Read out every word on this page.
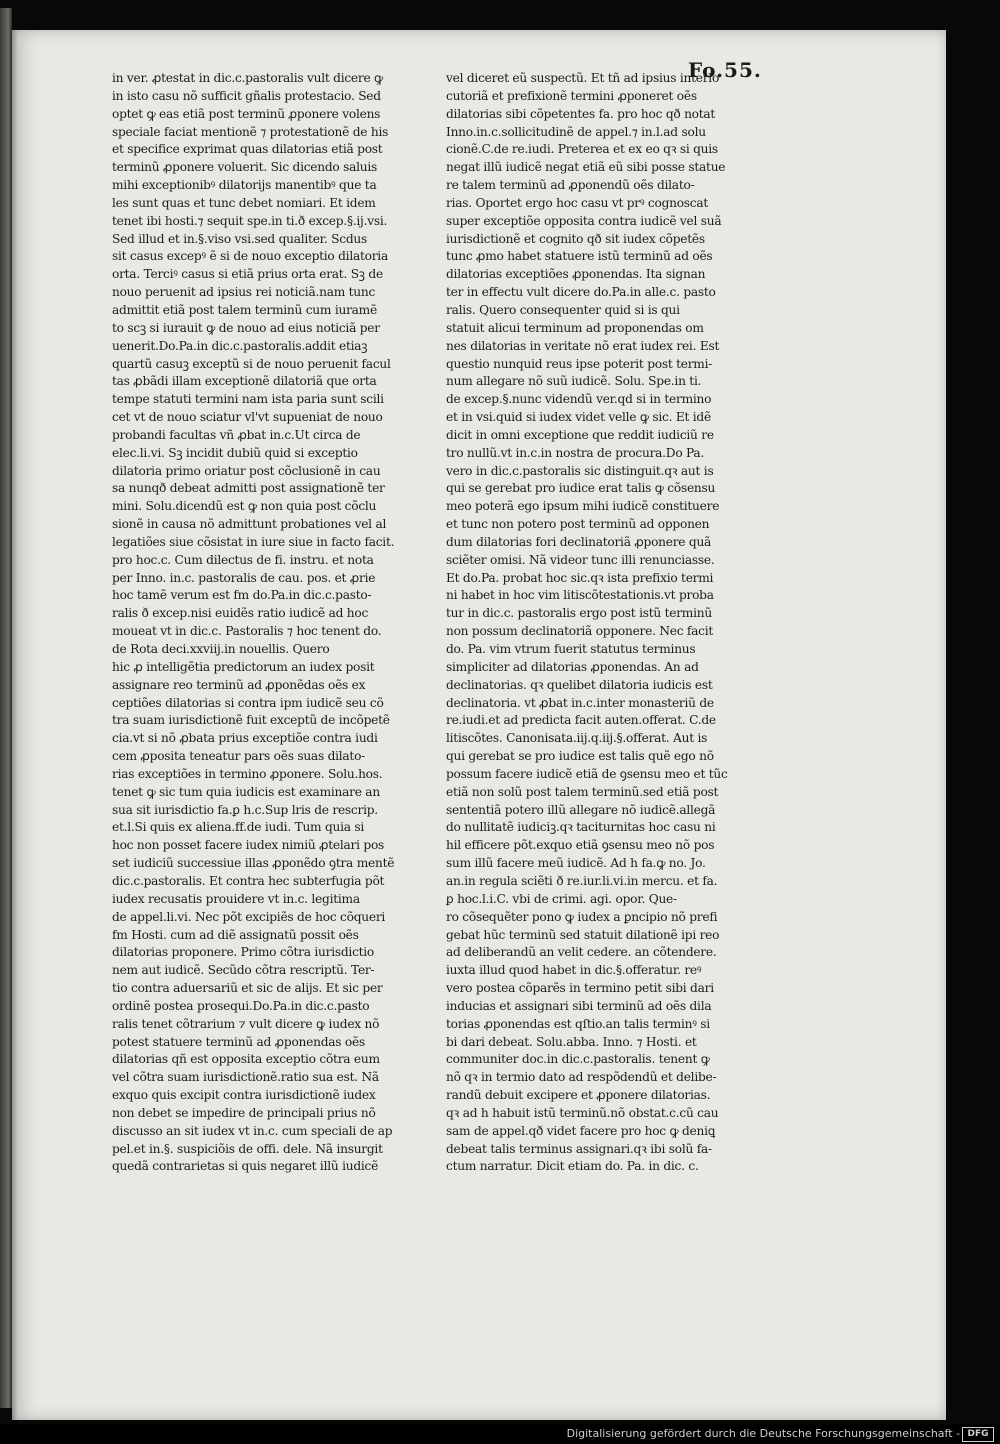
Fo.55.
in ver. ꝓtestat in dic.c.pastoralis vult dicere ꝙ
in isto casu nõ sufficit gñalis protestacio. Sed
optet ꝙ eas etiã post terminũ ꝓponere volens
speciale faciat mentionẽ ⁊ protestationẽ de his
et specifice exprimat quas dilatorias etiã post
terminũ ꝓponere voluerit. Sic dicendo saluis
mihi exceptionibꝰ dilatorijs manentibꝰ que ta
les sunt quas et tunc debet nomiari. Et idem
tenet ibi hosti.⁊ sequit spe.in ti.ð excep.§.ij.vsi.
Sed illud et in.§.viso vsi.sed qualiter. Scdus
sit casus excepꝰ ẽ si de nouo exceptio dilatoria
orta. Terciꝰ casus si etiã prius orta erat. Sꝫ de
nouo peruenit ad ipsius rei noticiã.nam tunc
admittit etiã post talem terminũ cum iuramẽ
to scꝫ si iurauit ꝙ de nouo ad eius noticiã per
uenerit.Do.Pa.in dic.c.pastoralis.addit etiaꝫ
quartũ casuꝫ exceptũ si de nouo peruenit facul
tas ꝓbãdi illam exceptionẽ dilatoriã que orta
tempe statuti termini nam ista paria sunt scili
cet vt de nouo sciatur vl'vt supueniat de nouo
probandi facultas vñ ꝓbat in.c.Ut circa de
elec.li.vi. Sꝫ incidit dubiũ quid si exceptio
dilatoria primo oriatur post cõclusionẽ in cau
sa nunqð debeat admitti post assignationẽ ter
mini. Solu.dicendũ est ꝙ non quia post cõclu
sionẽ in causa nõ admittunt probationes vel al
legatiões siue cõsistat in iure siue in facto facit.
pro hoc.c. Cum dilectus de fi. instru. et nota
per Inno. in.c. pastoralis de cau. pos. et ꝓrie
hoc tamẽ verum est fm do.Pa.in dic.c.pasto-
ralis ð excep.nisi euidẽs ratio iudicẽ ad hoc
moueat vt in dic.c. Pastoralis ⁊ hoc tenent do.
de Rota deci.xxviij.in nouellis. Quero
hic ꝓ intelligẽtia predictorum an iudex posit
assignare reo terminũ ad ꝓponẽdas oẽs ex
ceptiões dilatorias si contra ipm iudicẽ seu cõ
tra suam iurisdictionẽ fuit exceptũ de incõpetẽ
cia.vt si nõ ꝓbata prius exceptiõe contra iudi
cem ꝓposita teneatur pars oẽs suas dilato-
rias exceptiões in termino ꝓponere. Solu.hos.
tenet ꝙ sic tum quia iudicis est examinare an
sua sit iurisdictio fa.ꝑ h.c.Sup lris de rescrip.
et.l.Si quis ex aliena.ff.de iudi. Tum quia si
hoc non posset facere iudex nimiũ ꝓtelari pos
set iudiciũ successiue illas ꝓponẽdo ꝯtra mentẽ
dic.c.pastoralis. Et contra hec subterfugia põt
iudex recusatis prouidere vt in.c. legitima
de appel.li.vi. Nec põt excipiẽs de hoc cõqueri
fm Hosti. cum ad diẽ assignatũ possit oẽs
dilatorias proponere. Primo cõtra iurisdictio
nem aut iudicẽ. Secũdo cõtra rescriptũ. Ter-
tio contra aduersariũ et sic de alijs. Et sic per
ordinẽ postea prosequi.Do.Pa.in dic.c.pasto
ralis tenet cõtrarium ⁊ vult dicere ꝙ iudex nõ
potest statuere terminũ ad ꝓponendas oẽs
dilatorias qñ est opposita exceptio cõtra eum
vel cõtra suam iurisdictionẽ.ratio sua est. Nã
exquo quis excipit contra iurisdictionẽ iudex
non debet se impedire de principali prius nõ
discusso an sit iudex vt in.c. cum speciali de ap
pel.et in.§. suspiciõis de offi. dele. Nã insurgit
quedã contrarietas si quis negaret illũ iudicẽ
vel diceret eũ suspectũ. Et tñ ad ipsius interlo
cutoriã et prefixionẽ termini ꝓponeret oẽs
dilatorias sibi cõpetentes fa. pro hoc qð notat
Inno.in.c.sollicitudinẽ de appel.⁊ in.l.ad solu
cionẽ.C.de re.iudi. Preterea et ex eo qꝛ si quis
negat illũ iudicẽ negat etiã eũ sibi posse statue
re talem terminũ ad ꝓponendũ oẽs dilato-
rias. Oportet ergo hoc casu vt prꝰ cognoscat
super exceptiõe opposita contra iudicẽ vel suã
iurisdictionẽ et cognito qð sit iudex cõpetẽs
tunc ꝓmo habet statuere istũ terminũ ad oẽs
dilatorias exceptiões ꝓponendas. Ita signan
ter in effectu vult dicere do.Pa.in alle.c. pasto
ralis. Quero consequenter quid si is qui
statuit alicui terminum ad proponendas om
nes dilatorias in veritate nõ erat iudex rei. Est
questio nunquid reus ipse poterit post termi-
num allegare nõ suũ iudicẽ. Solu. Spe.in ti.
de excep.§.nunc videndũ ver.qd si in termino
et in vsi.quid si iudex videt velle ꝙ sic. Et idẽ
dicit in omni exceptione que reddit iudiciũ re
tro nullũ.vt in.c.in nostra de procura.Do Pa.
vero in dic.c.pastoralis sic distinguit.qꝛ aut is
qui se gerebat pro iudice erat talis ꝙ cõsensu
meo poterã ego ipsum mihi iudicẽ constituere
et tunc non potero post terminũ ad opponen
dum dilatorias fori declinatoriã ꝓponere quã
sciẽter omisi. Nã videor tunc illi renunciasse.
Et do.Pa. probat hoc sic.qꝛ ista prefixio termi
ni habet in hoc vim litiscõtestationis.vt proba
tur in dic.c. pastoralis ergo post istũ terminũ
non possum declinatoriã opponere. Nec facit
do. Pa. vim vtrum fuerit statutus terminus
simpliciter ad dilatorias ꝓponendas. An ad
declinatorias. qꝛ quelibet dilatoria iudicis est
declinatoria. vt ꝓbat in.c.inter monasteriũ de
re.iudi.et ad predicta facit auten.offerat. C.de
litiscõtes. Canonisata.iij.q.iij.§.offerat. Aut is
qui gerebat se pro iudice est talis quẽ ego nõ
possum facere iudicẽ etiã de ꝯsensu meo et tũc
etiã non solũ post talem terminũ.sed etiã post
sententiã potero illũ allegare nõ iudicẽ.allegã
do nullitatẽ iudiciꝫ.qꝛ taciturnitas hoc casu ni
hil efficere põt.exquo etiã ꝯsensu meo nõ pos
sum illũ facere meũ iudicẽ. Ad h fa.ꝙ no. Jo.
an.in regula sciẽti ð re.iur.li.vi.in mercu. et fa.
ꝑ hoc.l.i.C. vbi de crimi. agi. opor. Que-
ro cõsequẽter pono ꝙ iudex a ꝑncipio nõ prefi
gebat hũc terminũ sed statuit dilationẽ ipi reo
ad deliberandũ an velit cedere. an cõtendere.
iuxta illud quod habet in dic.§.offeratur. reꝰ
vero postea cõparẽs in termino petit sibi dari
inducias et assignari sibi terminũ ad oẽs dila
torias ꝓponendas est qſtio.an talis terminꝰ si
bi dari debeat. Solu.abba. Inno. ⁊ Hosti. et
communiter doc.in dic.c.pastoralis. tenent ꝙ
nõ qꝛ in termio dato ad respõdendũ et delibe-
randũ debuit excipere et ꝓponere dilatorias.
qꝛ ad h habuit istũ terminũ.nõ obstat.c.cũ cau
sam de appel.qð videt facere pro hoc ꝙ deniꝗ
debeat talis terminus assignari.qꝛ ibi solũ fa-
ctum narratur. Dicit etiam do. Pa. in dic. c.
Digitalisierung gefördert durch die Deutsche Forschungsgemeinschaft - DFG
